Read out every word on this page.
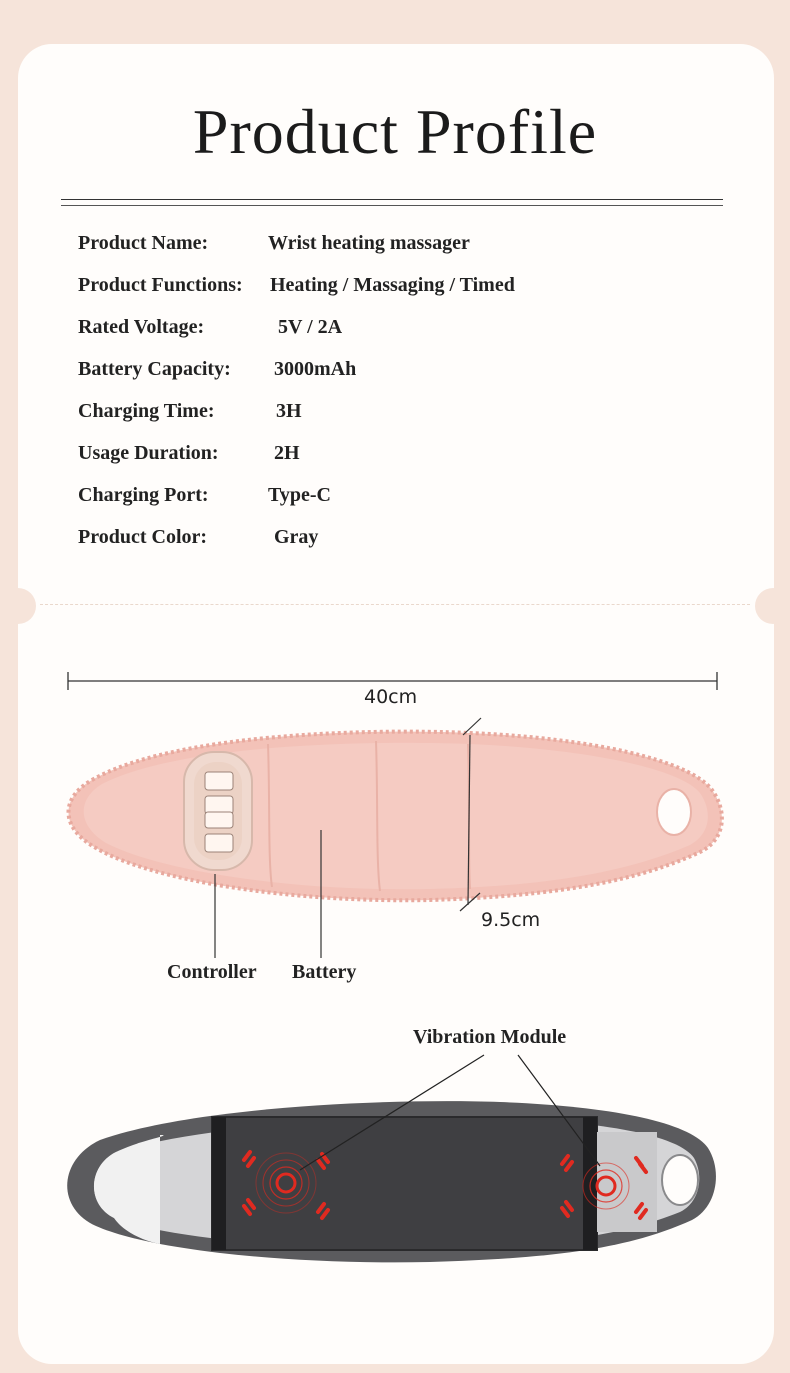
Product Profile
Product Name:	Wrist heating massager
Product Functions: Heating / Massaging / Timed
Rated Voltage:	5V / 2A
Battery Capacity: 3000mAh
Charging Time:	3H
Usage Duration:	2H
Charging Port:	Type-C
Product Color:	Gray
40cm
9.5cm
Controller Battery
Vibration Module
